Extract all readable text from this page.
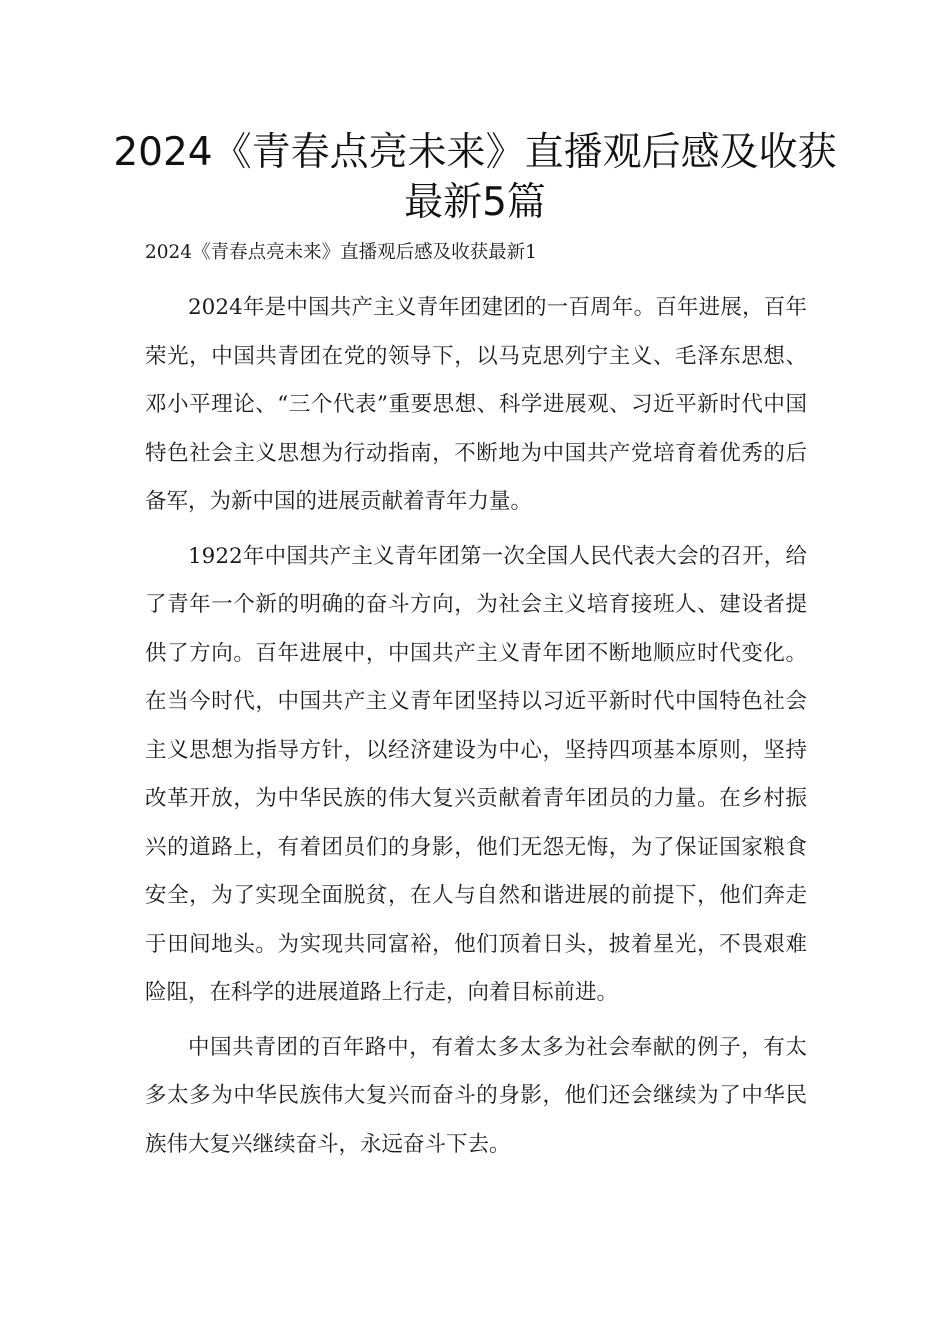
2024《青春点亮未来》直播观后感及收获最新5篇

2024《青春点亮未来》直播观后感及收获最新1

2024年是中国共产主义青年团建团的一百周年。百年进展，百年荣光，中国共青团在党的领导下，以马克思列宁主义、毛泽东思想、邓小平理论、“三个代表”重要思想、科学进展观、习近平新时代中国特色社会主义思想为行动指南，不断地为中国共产党培育着优秀的后备军，为新中国的进展贡献着青年力量。

1922年中国共产主义青年团第一次全国人民代表大会的召开，给了青年一个新的明确的奋斗方向，为社会主义培育接班人、建设者提供了方向。百年进展中，中国共产主义青年团不断地顺应时代变化。在当今时代，中国共产主义青年团坚持以习近平新时代中国特色社会主义思想为指导方针，以经济建设为中心，坚持四项基本原则，坚持改革开放，为中华民族的伟大复兴贡献着青年团员的力量。在乡村振兴的道路上，有着团员们的身影，他们无怨无悔，为了保证国家粮食安全，为了实现全面脱贫，在人与自然和谐进展的前提下，他们奔走于田间地头。为实现共同富裕，他们顶着日头，披着星光，不畏艰难险阻，在科学的进展道路上行走，向着目标前进。

中国共青团的百年路中，有着太多太多为社会奉献的例子，有太多太多为中华民族伟大复兴而奋斗的身影，他们还会继续为了中华民族伟大复兴继续奋斗，永远奋斗下去。
